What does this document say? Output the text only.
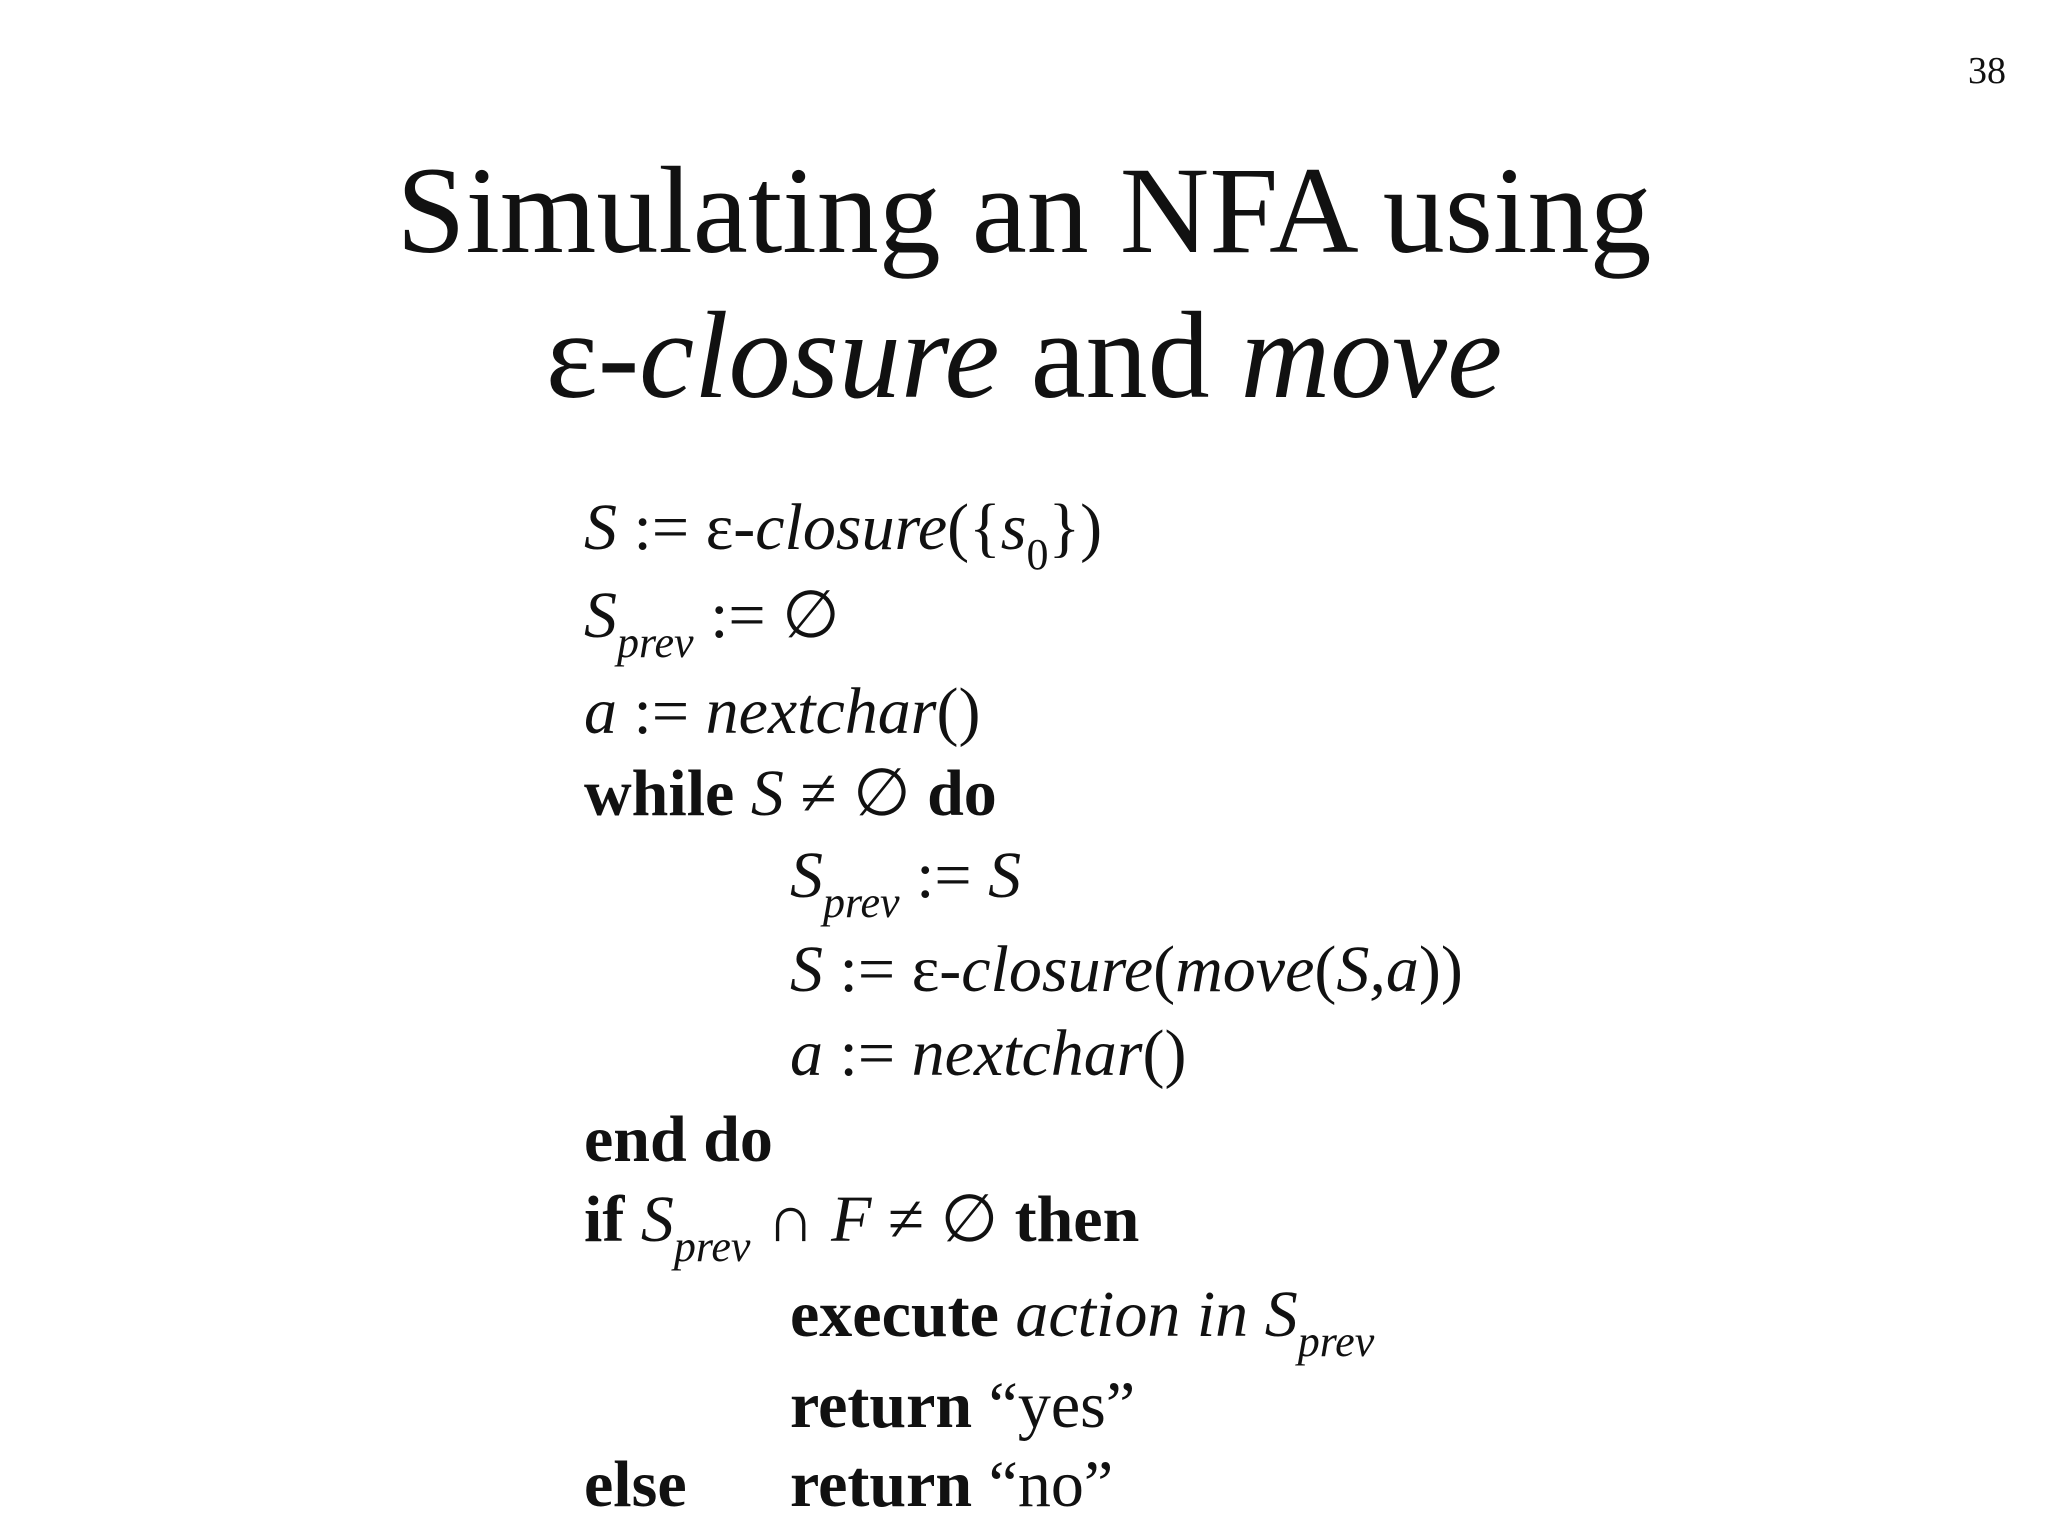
38
Simulating an NFA using
ε-closure and move
S := $\varepsilon-closure(\{s_0\})$
$S_{prev}$ := ∅
a := nextchar()
while S ≠ ∅ do
$S_{prev}$ := S
S := ε-closure(move(S,a))
a := nextchar()
end do
if $S_{prev}$ ∩ F ≠ ∅ then
execute action in $S_{prev}$
return “yes”
else return “no”
